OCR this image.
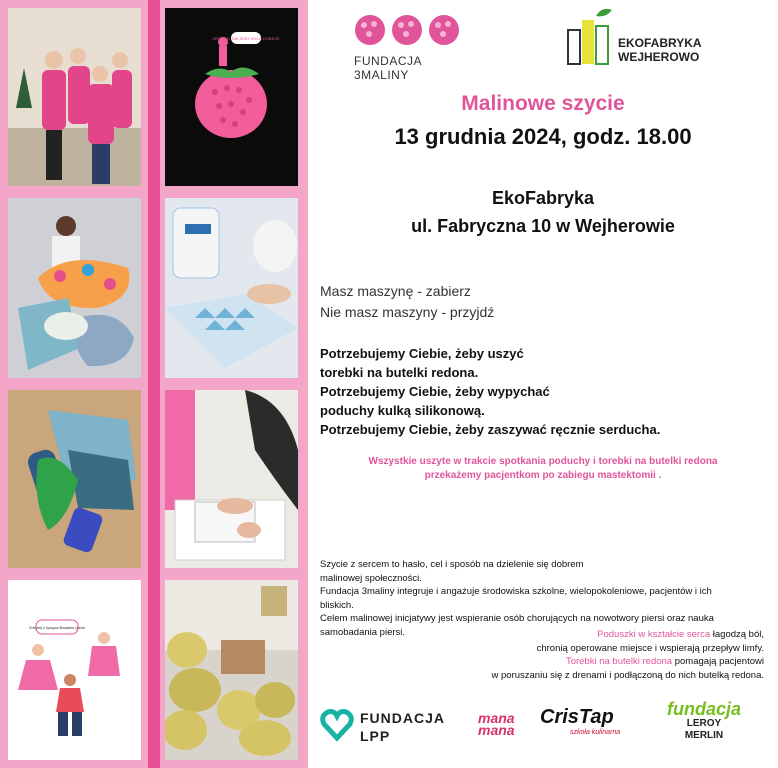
ZRÓB TO TAK ŻEBY BYŁO DOBRZE
Zdejmij z tysiąca Badanie piersi
FUNDACJA 3MALINY
EKOFABRYKA
WEJHEROWO
Malinowe szycie
13 grudnia 2024, godz. 18.00
EkoFabryka
ul. Fabryczna 10 w Wejherowie
Masz maszynę - zabierz
Nie masz maszyny - przyjdź
Potrzebujemy Ciebie, żeby uszyć
torebki na butelki redona.
Potrzebujemy Ciebie, żeby wypychać
poduchy kulką silikonową.
Potrzebujemy Ciebie, żeby zaszywać ręcznie serducha.
Wszystkie uszyte w trakcie spotkania poduchy i torebki na butelki redona
przekażemy pacjentkom po zabiegu mastektomii .
Szycie z sercem to hasło, cel i sposób na dzielenie się dobrem
malinowej społeczności.
Fundacja 3maliny integruje i angażuje środowiska szkolne, wielopokoleniowe, pacjentów i ich
bliskich.
Celem malinowej inicjatywy jest wspieranie osób chorujących na nowotwory piersi oraz nauka
samobadania piersi.	Poduszki w kształcie serca łagodzą ból,
chronią operowane miejsce i wspierają przepływ limfy.
Torebki na butelki redona pomagają pacjentowi
w poruszaniu się z drenami i podłączoną do nich butelką redona.
FUNDACJA
LPP
mana
mana
CrisTap
szkoła kulinarna
fundacja
LEROY
MERLIN
